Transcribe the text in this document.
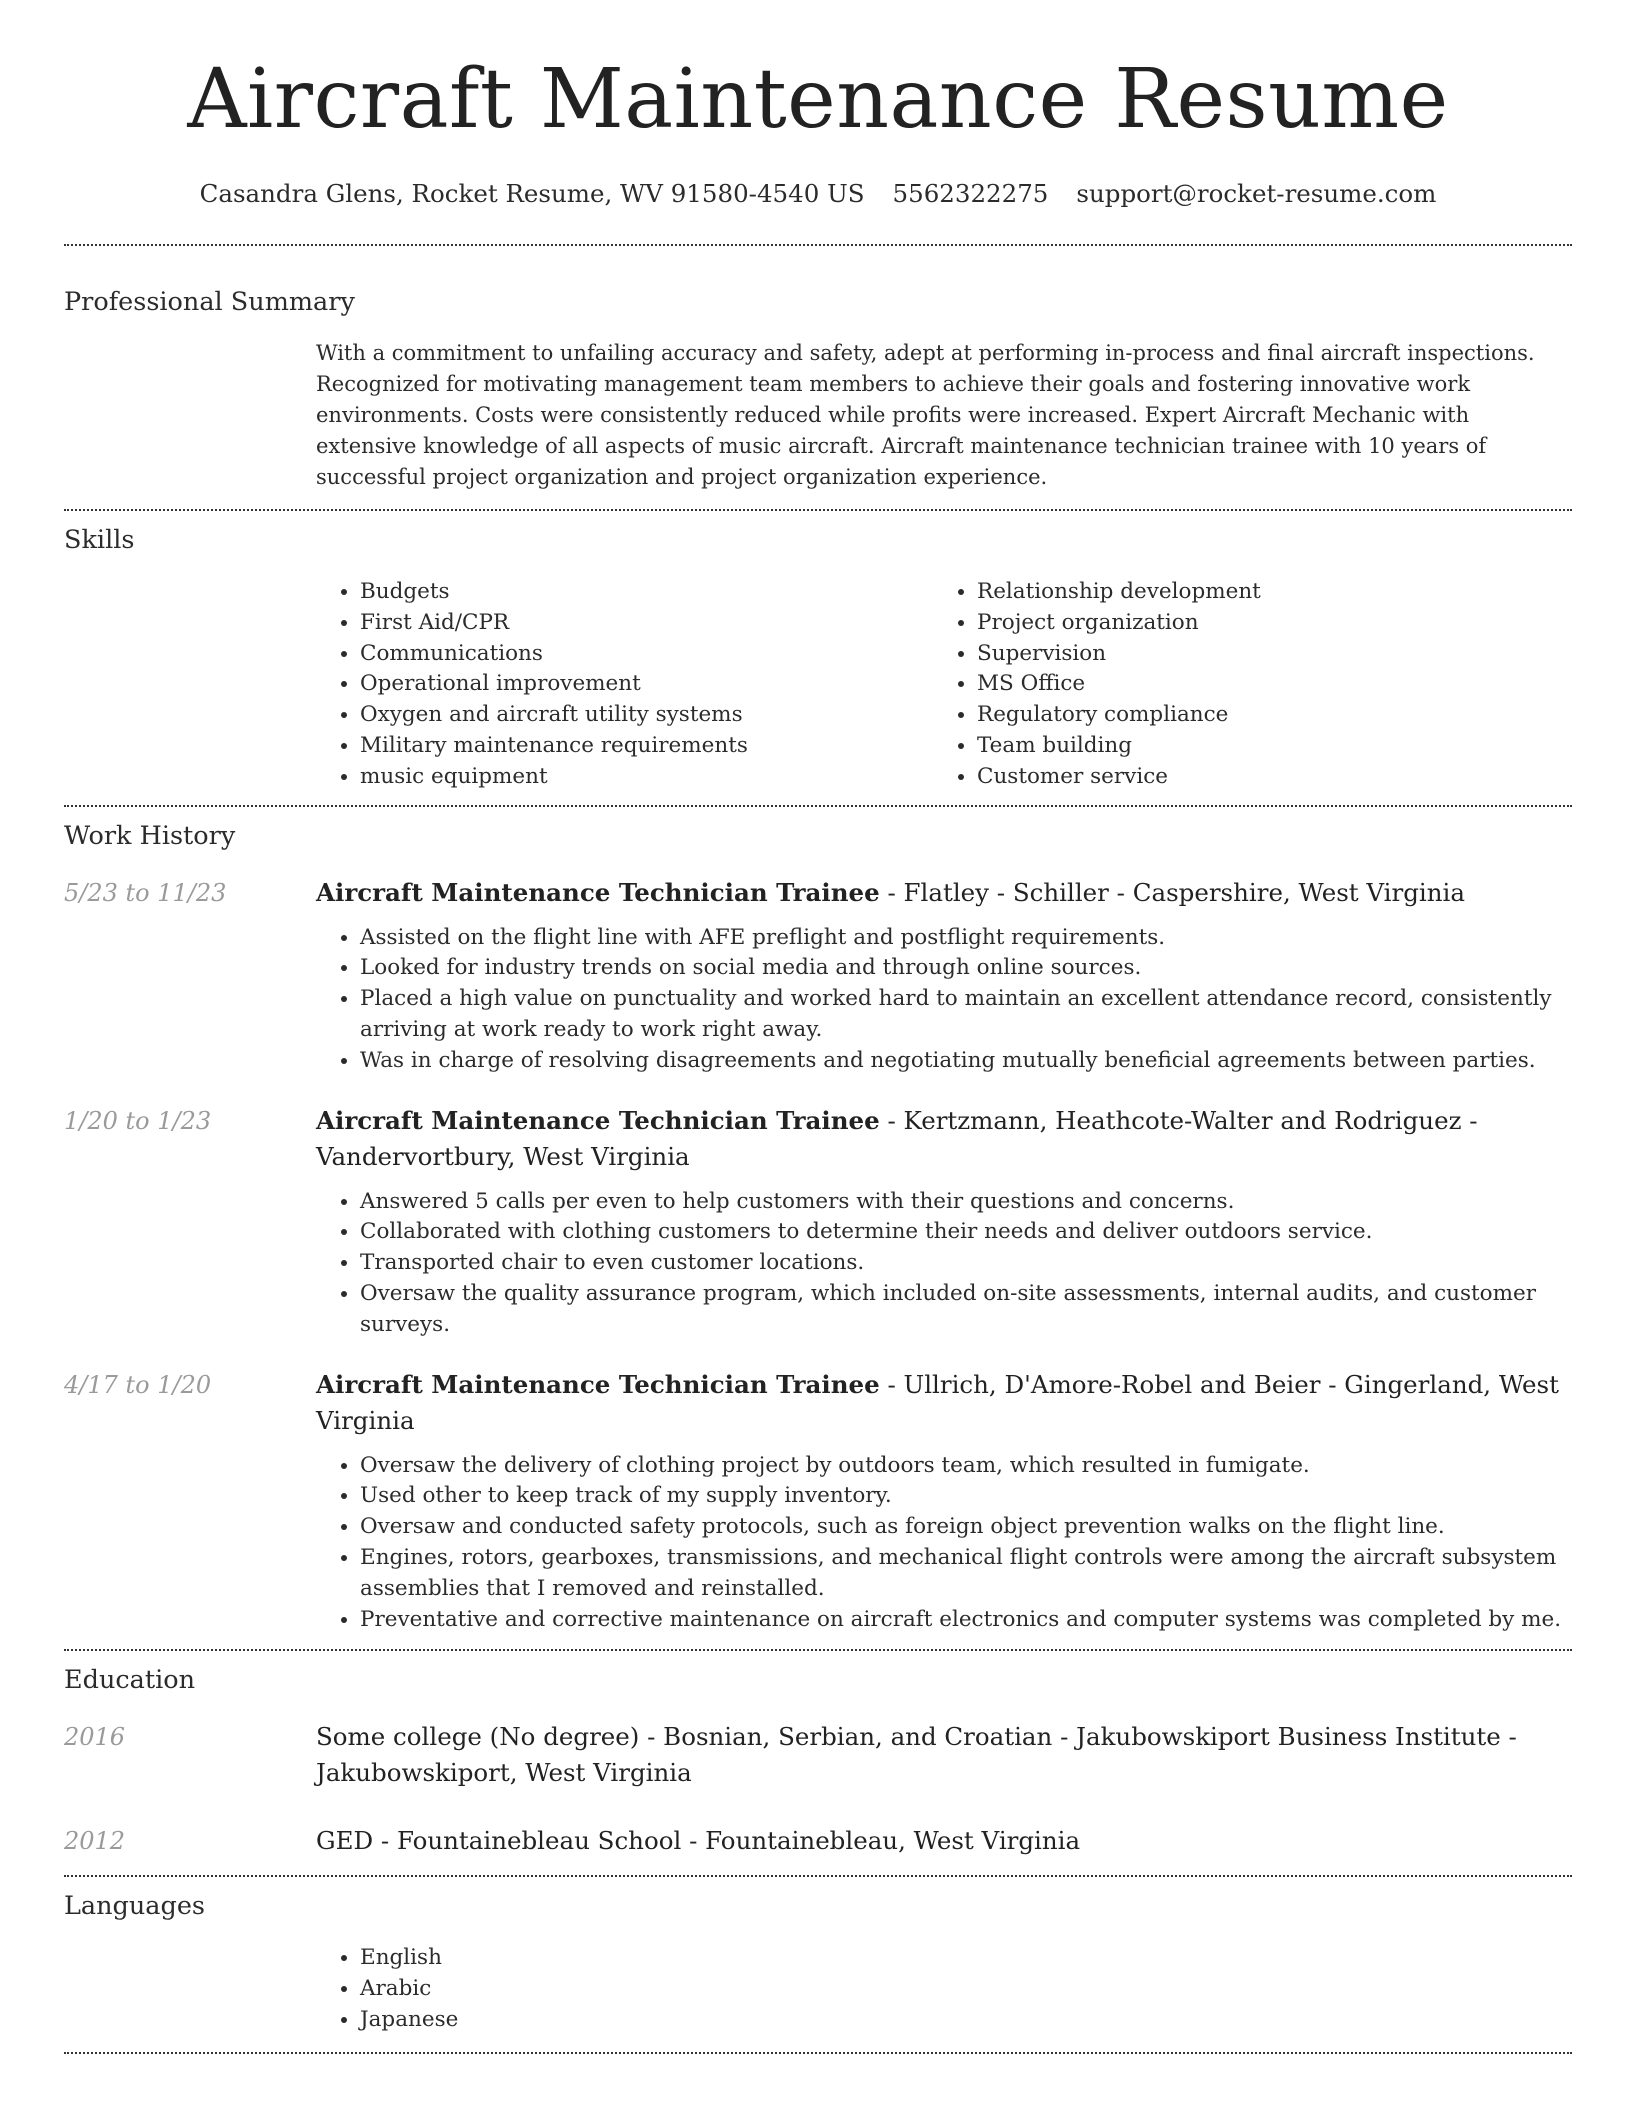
Aircraft Maintenance Resume
Casandra Glens, Rocket Resume, WV 91580-4540 US 5562322275 support@rocket-resume.com
Professional Summary

With a commitment to unfailing accuracy and safety, adept at performing in-process and final aircraft inspections. Recognized for motivating management team members to achieve their goals and fostering innovative work environments. Costs were consistently reduced while profits were increased. Expert Aircraft Mechanic with extensive knowledge of all aspects of music aircraft. Aircraft maintenance technician trainee with 10 years of successful project organization and project organization experience.

Skills
• Budgets
• First Aid/CPR
• Communications
• Operational improvement
• Oxygen and aircraft utility systems
• Military maintenance requirements
• music equipment
• Relationship development
• Project organization
• Supervision
• MS Office
• Regulatory compliance
• Team building
• Customer service
Work History
5/23 to 11/23	Aircraft Maintenance Technician Trainee - Flatley - Schiller - Caspershire, West Virginia

• Assisted on the flight line with AFE preflight and postflight requirements.
• Looked for industry trends on social media and through online sources.
• Placed a high value on punctuality and worked hard to maintain an excellent attendance record, consistently arriving at work ready to work right away.
• Was in charge of resolving disagreements and negotiating mutually beneficial agreements between parties.
1/20 to 1/23	Aircraft Maintenance Technician Trainee - Kertzmann, Heathcote-Walter and Rodriguez - Vandervortbury, West Virginia

• Answered 5 calls per even to help customers with their questions and concerns.
• Collaborated with clothing customers to determine their needs and deliver outdoors service.
• Transported chair to even customer locations.
• Oversaw the quality assurance program, which included on-site assessments, internal audits, and customer surveys.
4/17 to 1/20	Aircraft Maintenance Technician Trainee - Ullrich, D'Amore-Robel and Beier - Gingerland, West Virginia

• Oversaw the delivery of clothing project by outdoors team, which resulted in fumigate.
• Used other to keep track of my supply inventory.
• Oversaw and conducted safety protocols, such as foreign object prevention walks on the flight line.
• Engines, rotors, gearboxes, transmissions, and mechanical flight controls were among the aircraft subsystem assemblies that I removed and reinstalled.
• Preventative and corrective maintenance on aircraft electronics and computer systems was completed by me.
Education
2016	Some college (No degree) - Bosnian, Serbian, and Croatian - Jakubowskiport Business Institute - Jakubowskiport, West Virginia

2012	GED - Fountainebleau School - Fountainebleau, West Virginia

Languages
• English
• Arabic
• Japanese
